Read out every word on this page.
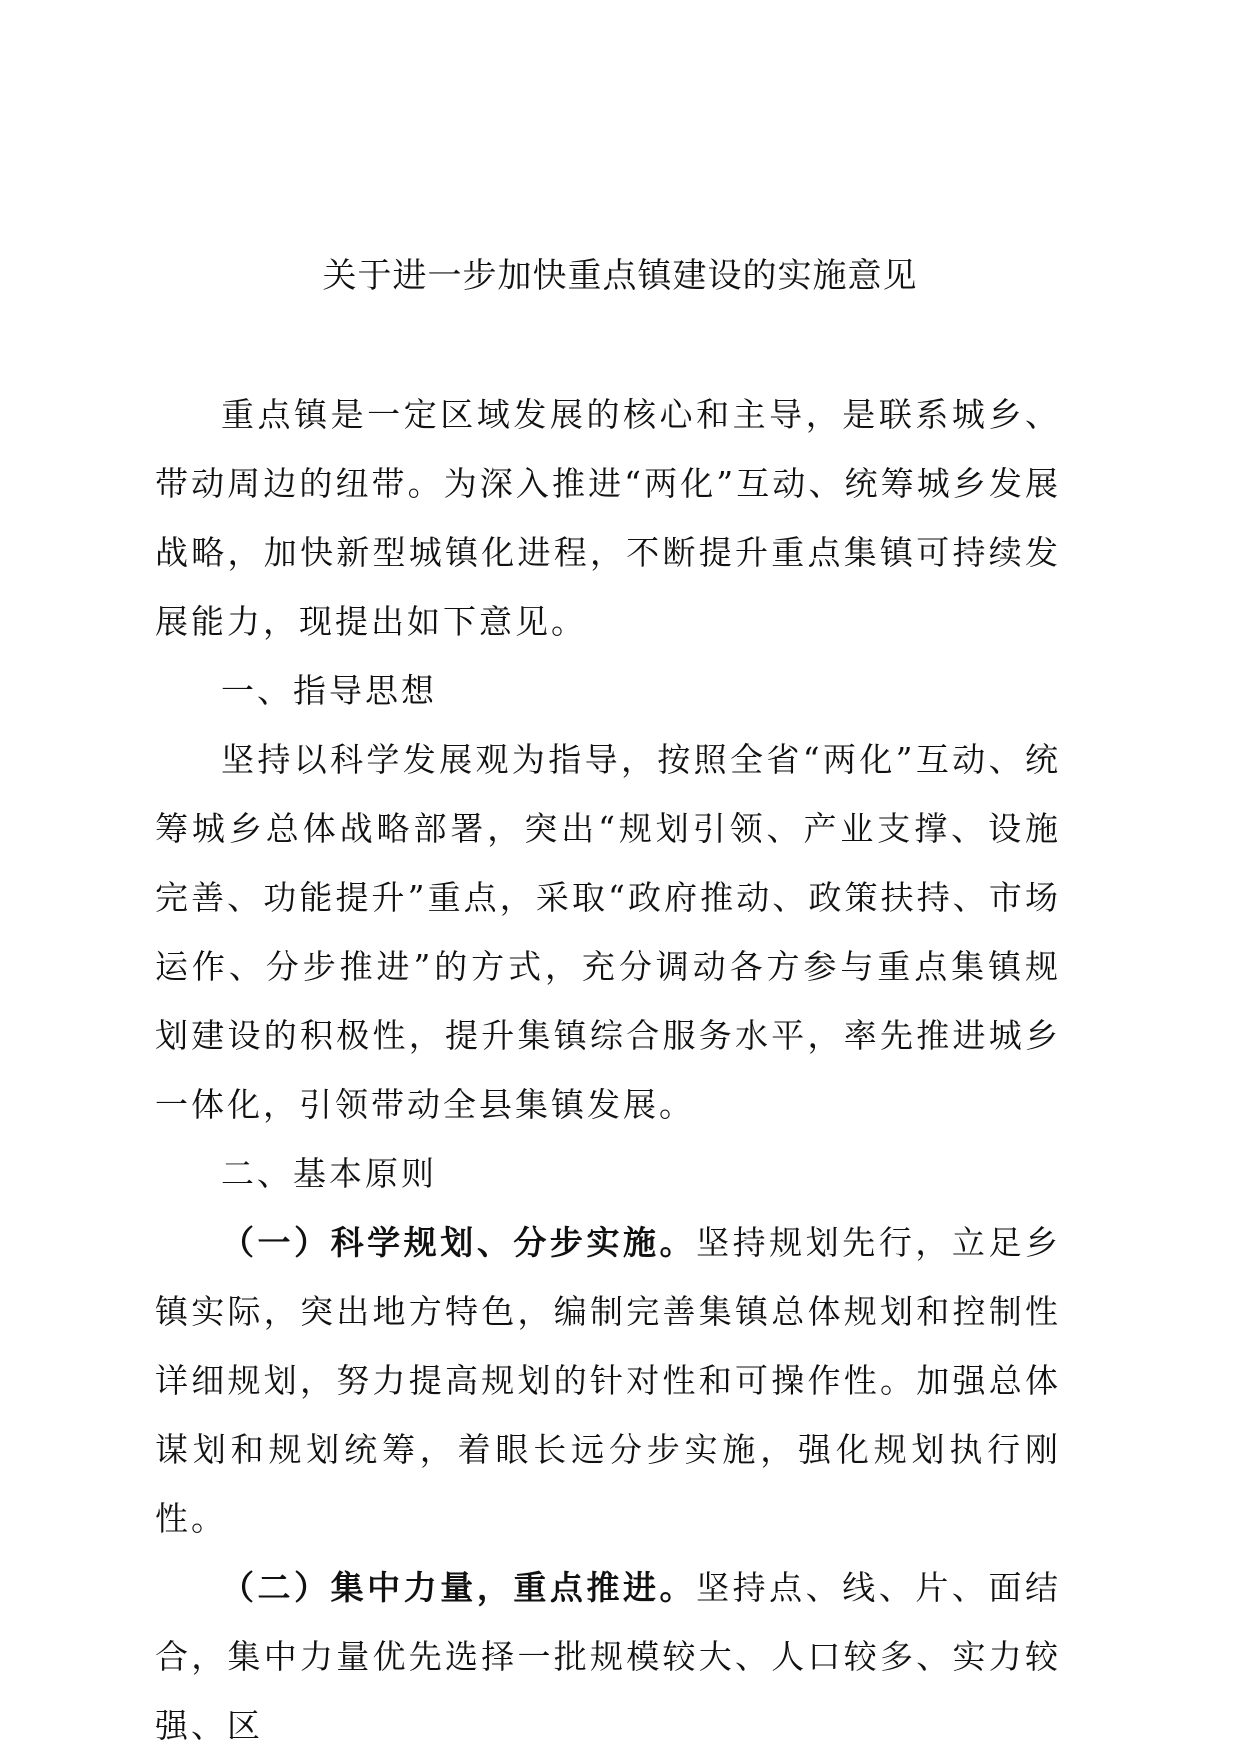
关于进一步加快重点镇建设的实施意见

重点镇是一定区域发展的核心和主导，是联系城乡、带动周边的纽带。为深入推进“两化”互动、统筹城乡发展战略，加快新型城镇化进程，不断提升重点集镇可持续发展能力，现提出如下意见。

一、指导思想

坚持以科学发展观为指导，按照全省“两化”互动、统筹城乡总体战略部署，突出“规划引领、产业支撑、设施完善、功能提升”重点，采取“政府推动、政策扶持、市场运作、分步推进”的方式，充分调动各方参与重点集镇规划建设的积极性，提升集镇综合服务水平，率先推进城乡一体化，引领带动全县集镇发展。

二、基本原则

（一）科学规划、分步实施。坚持规划先行，立足乡镇实际，突出地方特色，编制完善集镇总体规划和控制性详细规划，努力提高规划的针对性和可操作性。加强总体谋划和规划统筹，着眼长远分步实施，强化规划执行刚性。

（二）集中力量，重点推进。坚持点、线、片、面结合，集中力量优先选择一批规模较大、人口较多、实力较强、区
